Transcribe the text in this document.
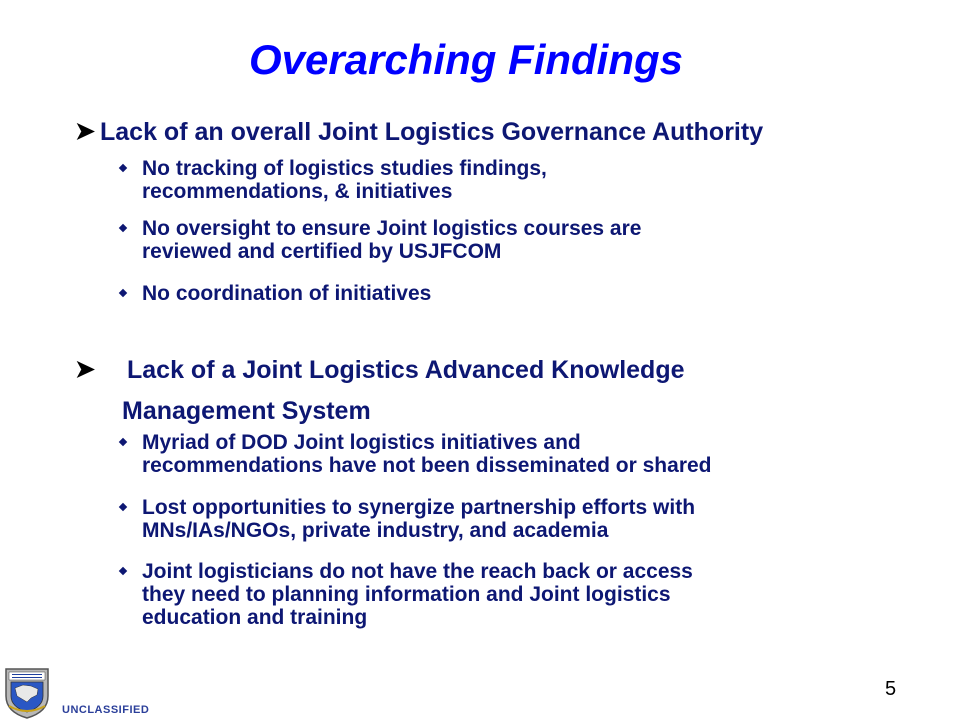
Overarching Findings
➤ Lack of an overall Joint Logistics Governance Authority
No tracking of logistics studies findings,
recommendations, & initiatives
No oversight to ensure Joint logistics courses are
reviewed and certified by USJFCOM
No coordination of initiatives
➤ Lack of a Joint Logistics Advanced Knowledge
Management System
Myriad of DOD Joint logistics initiatives and
recommendations have not been disseminated or shared
Lost opportunities to synergize partnership efforts with
MNs/IAs/NGOs, private industry, and academia
Joint logisticians do not have the reach back or access
they need to planning information and Joint logistics
education and training
UNCLASSIFIED
5
